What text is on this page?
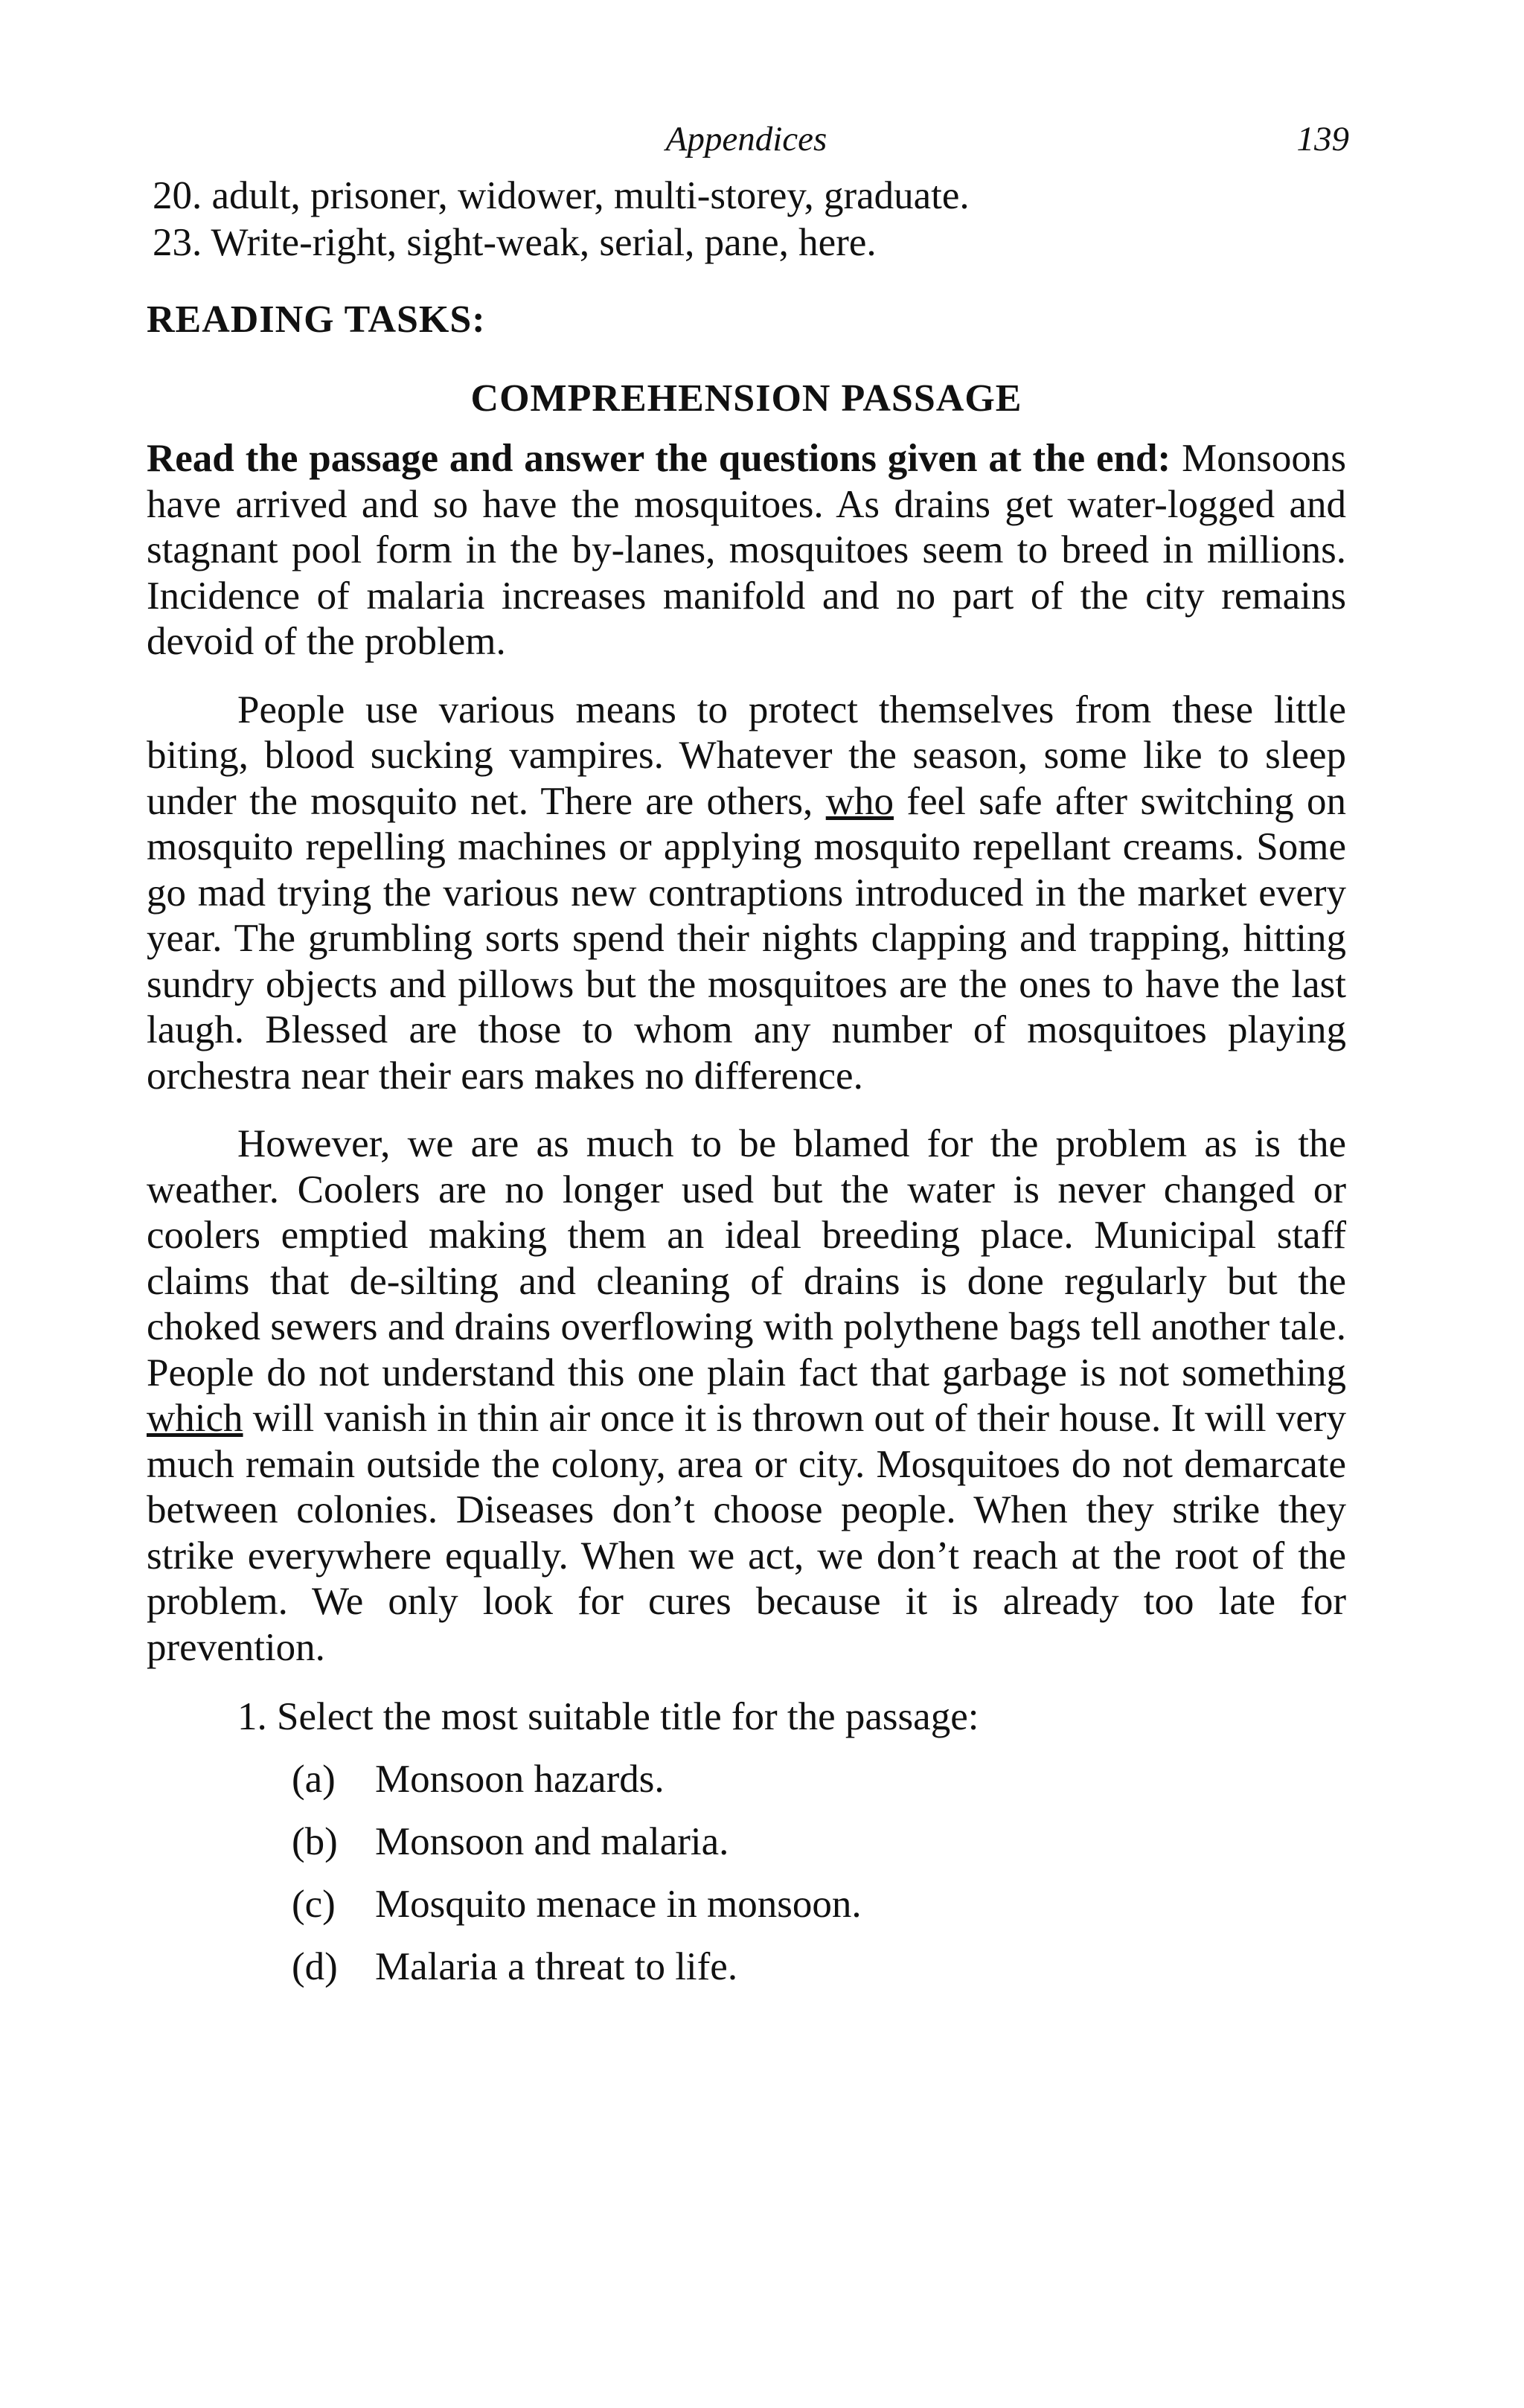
Appendices	139

20. adult, prisoner, widower, multi-storey, graduate.

23. Write-right, sight-weak, serial, pane, here.

READING TASKS:
COMPREHENSION PASSAGE

Read the passage and answer the questions given at the end: Monsoons have arrived and so have the mosquitoes. As drains get water-logged and stagnant pool form in the by-lanes, mosquitoes seem to breed in millions. Incidence of malaria increases manifold and no part of the city remains devoid of the problem.

People use various means to protect themselves from these little biting, blood sucking vampires. Whatever the season, some like to sleep under the mosquito net. There are others, who feel safe after switching on mosquito repelling machines or applying mosquito repellant creams. Some go mad trying the various new contraptions introduced in the market every year. The grumbling sorts spend their nights clapping and trapping, hitting sundry objects and pillows but the mosquitoes are the ones to have the last laugh. Blessed are those to whom any number of mosquitoes playing orchestra near their ears makes no difference.

However, we are as much to be blamed for the problem as is the weather. Coolers are no longer used but the water is never changed or coolers emptied making them an ideal breeding place. Municipal staff claims that de-silting and cleaning of drains is done regularly but the choked sewers and drains overflowing with polythene bags tell another tale. People do not understand this one plain fact that garbage is not something which will vanish in thin air once it is thrown out of their house. It will very much remain outside the colony, area or city. Mosquitoes do not demarcate between colonies. Diseases don’t choose people. When they strike they strike everywhere equally. When we act, we don’t reach at the root of the problem. We only look for cures because it is already too late for prevention.

1. Select the most suitable title for the passage:
(a) Monsoon hazards.
(b) Monsoon and malaria.
(c) Mosquito menace in monsoon.
(d) Malaria a threat to life.
